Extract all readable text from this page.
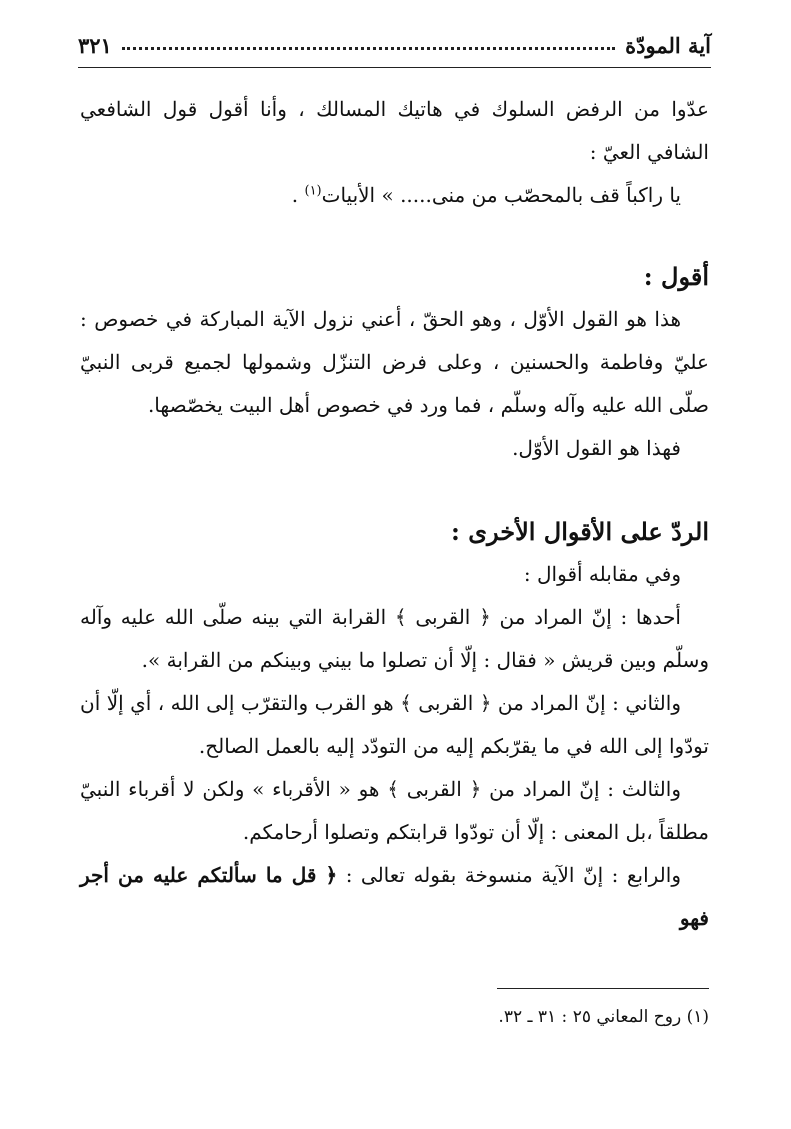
آية المودّة
٣٢١

عدّوا من الرفض السلوك في هاتيك المسالك ، وأنا أقول قول الشافعي الشافي العيّ :

يا راكباً قف بالمحصّب من منى..... » الأبيات$^{(١)}$ .

أقول :

هذا هو القول الأوّل ، وهو الحقّ ، أعني نزول الآية المباركة في خصوص : عليّ وفاطمة والحسنين ، وعلى فرض التنزّل وشمولها لجميع قربى النبيّ صلّى الله عليه وآله وسلّم ، فما ورد في خصوص أهل البيت يخصّصها.

فهذا هو القول الأوّل.

الردّ على الأقوال الأخرى :

وفي مقابله أقوال :

أحدها : إنّ المراد من ﴿ القربى ﴾ القرابة التي بينه صلّى الله عليه وآله وسلّم وبين قريش « فقال : إلّا أن تصلوا ما بيني وبينكم من القرابة ».

والثاني : إنّ المراد من ﴿ القربى ﴾ هو القرب والتقرّب إلى الله ، أي إلّا أن تودّوا إلى الله في ما يقرّبكم إليه من التودّد إليه بالعمل الصالح.

والثالث : إنّ المراد من ﴿ القربى ﴾ هو « الأقرباء » ولكن لا أقرباء النبيّ مطلقاً ،بل المعنى : إلّا أن تودّوا قرابتكم وتصلوا أرحامكم.

والرابع : إنّ الآية منسوخة بقوله تعالى : ﴿ قل ما سألتكم عليه من أجر فهو

(١) روح المعاني ٢٥ : ٣١ ـ ٣٢.
